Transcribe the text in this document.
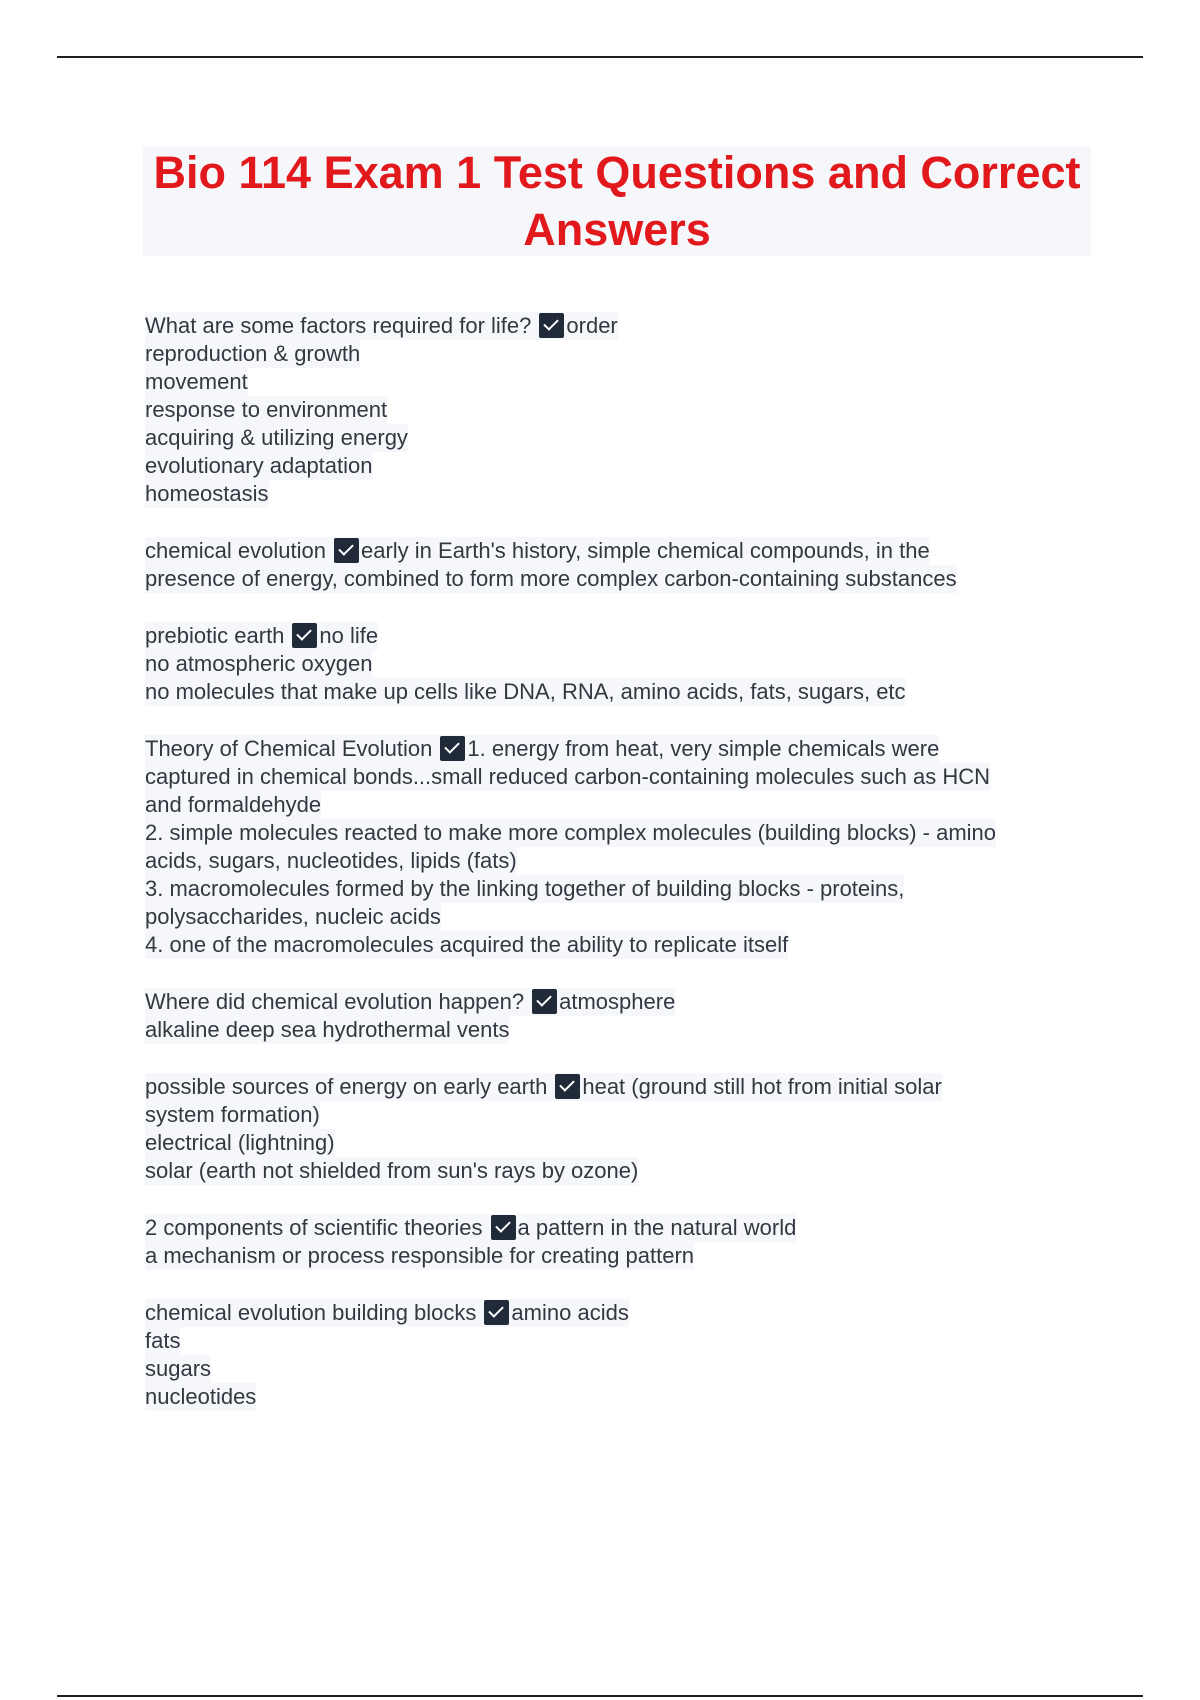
Bio 114 Exam 1 Test Questions and Correct Answers
What are some factors required for life? order
reproduction & growth
movement
response to environment
acquiring & utilizing energy
evolutionary adaptation
homeostasis
chemical evolution early in Earth's history, simple chemical compounds, in the
presence of energy, combined to form more complex carbon-containing substances
prebiotic earth no life
no atmospheric oxygen
no molecules that make up cells like DNA, RNA, amino acids, fats, sugars, etc
Theory of Chemical Evolution 1. energy from heat, very simple chemicals were
captured in chemical bonds...small reduced carbon-containing molecules such as HCN
and formaldehyde
2. simple molecules reacted to make more complex molecules (building blocks) - amino
acids, sugars, nucleotides, lipids (fats)
3. macromolecules formed by the linking together of building blocks - proteins,
polysaccharides, nucleic acids
4. one of the macromolecules acquired the ability to replicate itself
Where did chemical evolution happen? atmosphere
alkaline deep sea hydrothermal vents
possible sources of energy on early earth heat (ground still hot from initial solar
system formation)
electrical (lightning)
solar (earth not shielded from sun's rays by ozone)
2 components of scientific theories a pattern in the natural world
a mechanism or process responsible for creating pattern
chemical evolution building blocks amino acids
fats
sugars
nucleotides
